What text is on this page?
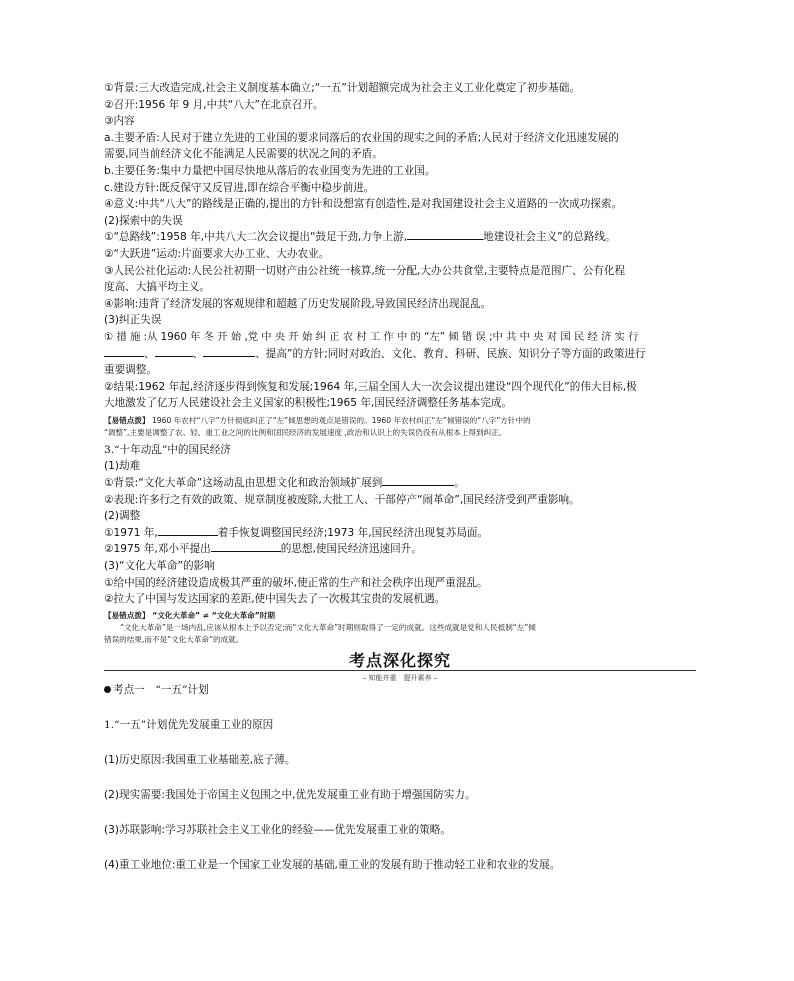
①背景:三大改造完成,社会主义制度基本确立;“一五”计划超额完成为社会主义工业化奠定了初步基础。
②召开:1956 年 9 月,中共“八大”在北京召开。
③内容
a.主要矛盾:人民对于建立先进的工业国的要求同落后的农业国的现实之间的矛盾;人民对于经济文化迅速发展的
需要,同当前经济文化不能满足人民需要的状况之间的矛盾。
b.主要任务:集中力量把中国尽快地从落后的农业国变为先进的工业国。
c.建设方针:既反保守又反冒进,即在综合平衡中稳步前进。
④意义:中共“八大”的路线是正确的,提出的方针和设想富有创造性,是对我国建设社会主义道路的一次成功探索。
(2)探索中的失误
①“总路线”:1958 年,中共八大二次会议提出“鼓足干劲,力争上游,	地建设社会主义”的总路线。
②“大跃进”运动:片面要求大办工业、大办农业。
③人民公社化运动:人民公社初期一切财产由公社统一核算,统一分配,大办公共食堂,主要特点是范围广、公有化程
度高、大搞平均主义。
④影响:违背了经济发展的客观规律和超越了历史发展阶段,导致国民经济出现混乱。
(3)纠正失误
① 措 施 :从 1960 年 冬 开 始 ,党 中 央 开 始 纠 正 农 村 工 作 中 的 “左” 倾 错 误 ;中 共 中 央 对 国 民 经 济 实 行
、	、	、提高”的方针;同时对政治、文化、教育、科研、民族、知识分子等方面的政策进行
重要调整。
②结果:1962 年起,经济逐步得到恢复和发展;1964 年,三届全国人大一次会议提出建设“四个现代化”的伟大目标,极
大地激发了亿万人民建设社会主义国家的积极性;1965 年,国民经济调整任务基本完成。
【易错点拨】 1960 年农村“八字”方针彻底纠正了“左”倾思想的观点是错误的。1960 年农村纠正“左”倾错误的“八字”方针中的
“调整”,主要是调整了农、轻、重工业之间的比例和国民经济的发展速度 ,政治和认识上的失误仍没有从根本上得到纠正。
3.“十年动乱”中的国民经济
(1)劫难
①背景:“文化大革命”这场动乱由思想文化和政治领域扩展到	。
②表现:许多行之有效的政策、规章制度被废除,大批工人、干部停产“闹革命”,国民经济受到严重影响。
(2)调整
①1971 年,	着手恢复调整国民经济;1973 年,国民经济出现复苏局面。
②1975 年,邓小平提出	的思想,使国民经济迅速回升。
(3)“文化大革命”的影响
①给中国的经济建设造成极其严重的破坏,使正常的生产和社会秩序出现严重混乱。
②拉大了中国与发达国家的差距,使中国失去了一次极其宝贵的发展机遇。
【易错点拨】 “文化大革命” ≠ “文化大革命”时期
“文化大革命”是一场内乱,应该从根本上予以否定;而“文化大革命”时期则取得了一定的成就。这些成就是党和人民抵制“左”倾
错误的结果,而不是“文化大革命”的成就。
考点深化探究
– 知能并重　提升素养 –
考点一　“一五”计划
1.“一五”计划优先发展重工业的原因
(1)历史原因:我国重工业基础差,底子薄。
(2)现实需要:我国处于帝国主义包围之中,优先发展重工业有助于增强国防实力。
(3)苏联影响:学习苏联社会主义工业化的经验——优先发展重工业的策略。
(4)重工业地位:重工业是一个国家工业发展的基础,重工业的发展有助于推动轻工业和农业的发展。
